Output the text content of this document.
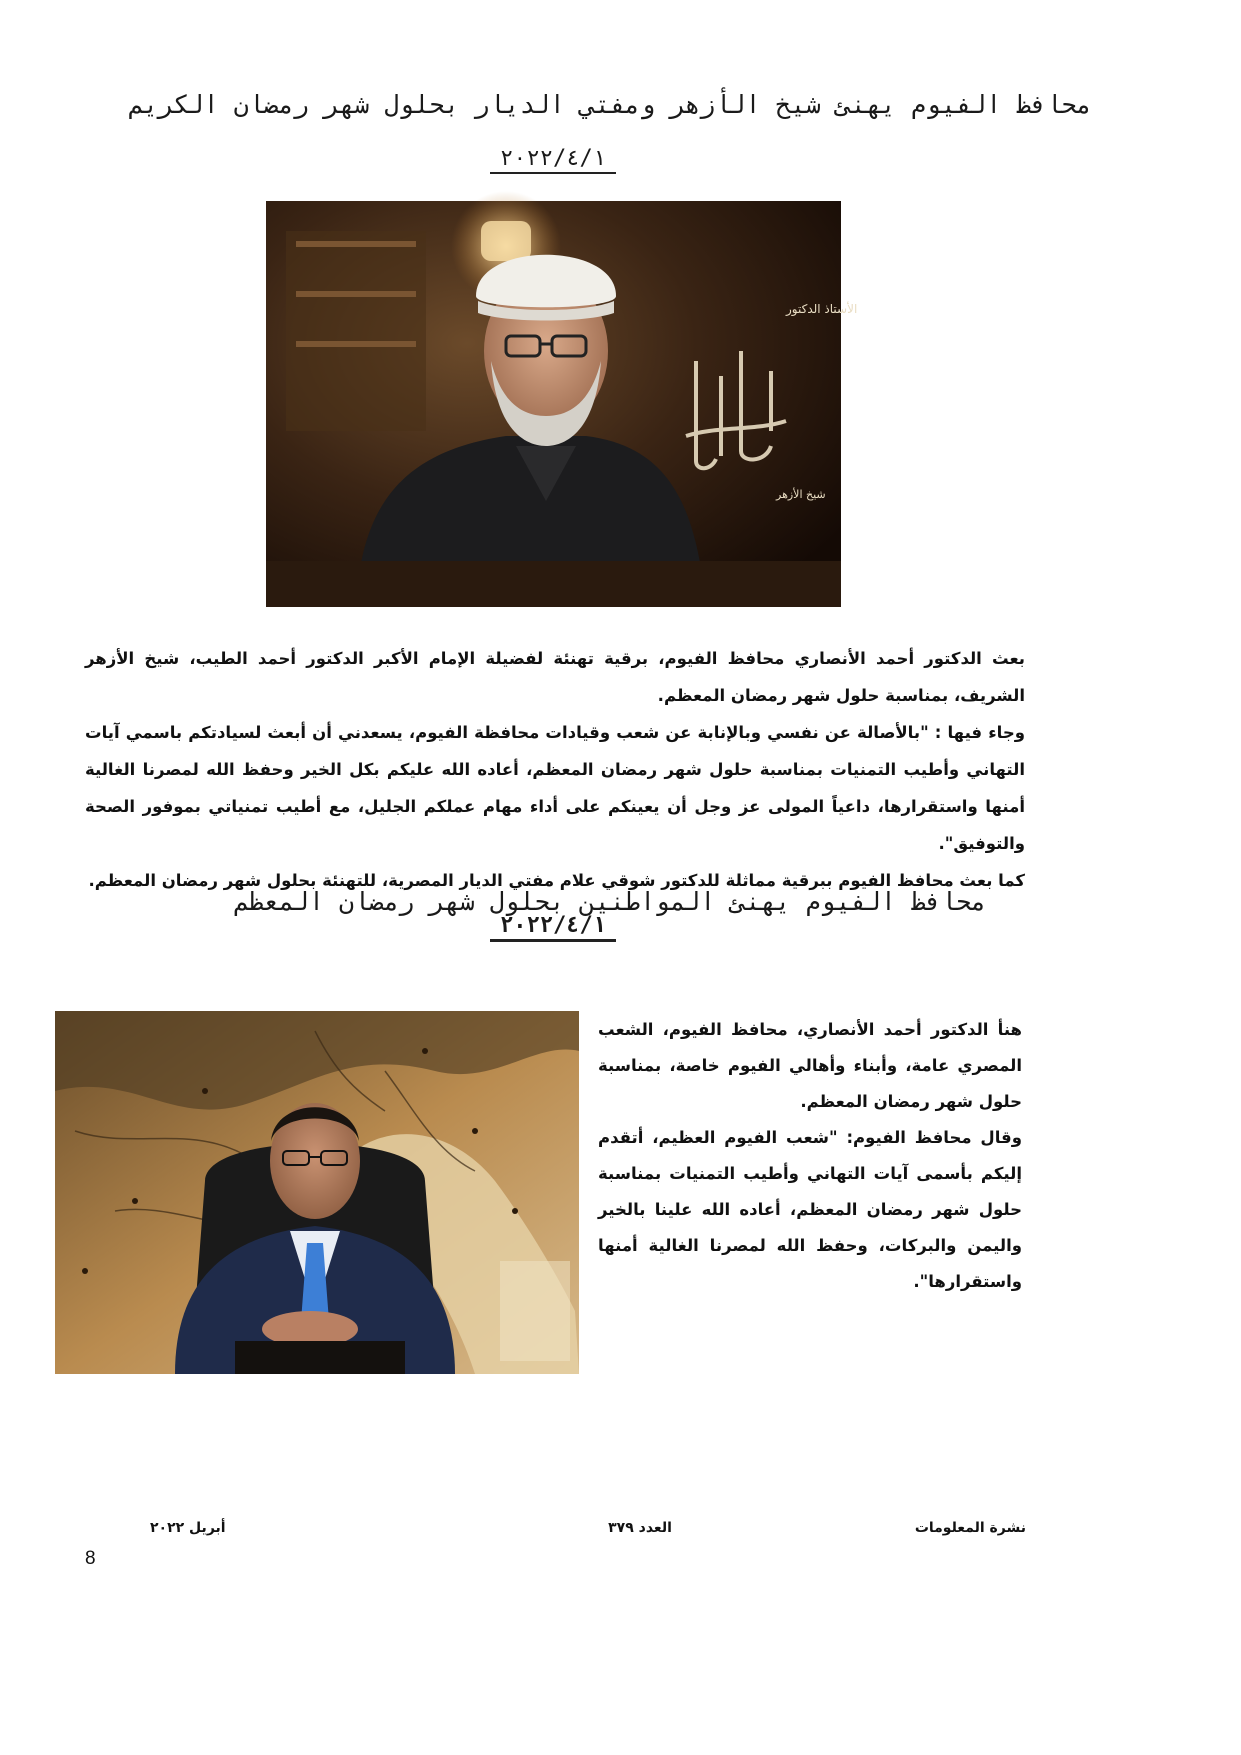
محافظ الفيوم يهنئ شيخ الأزهر ومفتي الديار بحلول شهر رمضان الكريم
٢٠٢٢/٤/١
الأستاذ الدكتور
شيخ الأزهر

بعث الدكتور أحمد الأنصاري محافظ الفيوم، برقية تهنئة لفضيلة الإمام الأكبر الدكتور أحمد الطيب، شيخ الأزهر الشريف، بمناسبة حلول شهر رمضان المعظم.

وجاء فيها : "بالأصالة عن نفسي وبالإنابة عن شعب وقيادات محافظة الفيوم، يسعدني أن أبعث لسيادتكم باسمي آيات التهاني وأطيب التمنيات بمناسبة حلول شهر رمضان المعظم، أعاده الله عليكم بكل الخير وحفظ الله لمصرنا الغالية أمنها واستقرارها، داعياً المولى عز وجل أن يعينكم على أداء مهام عملكم الجليل، مع أطيب تمنياتي بموفور الصحة والتوفيق".

كما بعث محافظ الفيوم ببرقية مماثلة للدكتور شوقي علام مفتي الديار المصرية، للتهنئة بحلول شهر رمضان المعظم.

محافظ الفيوم يهنئ المواطنين بحلول شهر رمضان المعظم
٢٠٢٢/٤/١

هنأ الدكتور أحمد الأنصاري، محافظ الفيوم، الشعب المصري عامة، وأبناء وأهالي الفيوم خاصة، بمناسبة حلول شهر رمضان المعظم.

وقال محافظ الفيوم: "شعب الفيوم العظيم، أتقدم إليكم بأسمى آيات التهاني وأطيب التمنيات بمناسبة حلول شهر رمضان المعظم، أعاده الله علينا بالخير واليمن والبركات، وحفظ الله لمصرنا الغالية أمنها واستقرارها".

نشرة المعلومات
العدد ٣٧٩
أبريل ٢٠٢٢
8
